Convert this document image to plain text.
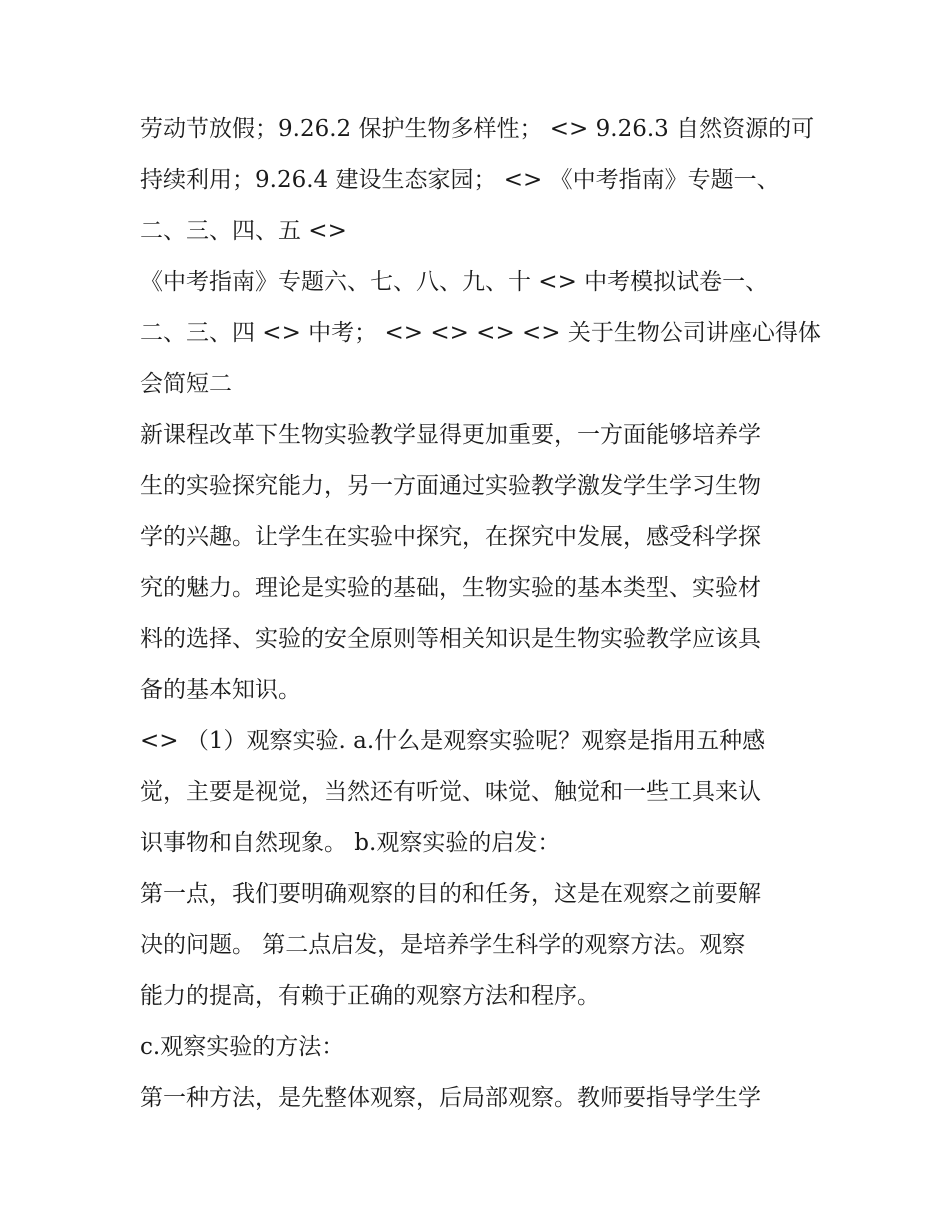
劳动节放假；9.26.2 保护生物多样性； <> 9.26.3 自然资源的可
持续利用；9.26.4 建设生态家园； <> 《中考指南》专题一、
二、三、四、五 <>
《中考指南》专题六、七、八、九、十 <> 中考模拟试卷一、
二、三、四 <> 中考； <> <> <> <> 关于生物公司讲座心得体
会简短二
新课程改革下生物实验教学显得更加重要，一方面能够培养学
生的实验探究能力，另一方面通过实验教学激发学生学习生物
学的兴趣。让学生在实验中探究，在探究中发展，感受科学探
究的魅力。理论是实验的基础，生物实验的基本类型、实验材
料的选择、实验的安全原则等相关知识是生物实验教学应该具
备的基本知识。
<> （1）观察实验. a.什么是观察实验呢？观察是指用五种感
觉，主要是视觉，当然还有听觉、味觉、触觉和一些工具来认
识事物和自然现象。 b.观察实验的启发：
第一点，我们要明确观察的目的和任务，这是在观察之前要解
决的问题。 第二点启发，是培养学生科学的观察方法。观察
能力的提高，有赖于正确的观察方法和程序。
c.观察实验的方法：
第一种方法，是先整体观察，后局部观察。教师要指导学生学
